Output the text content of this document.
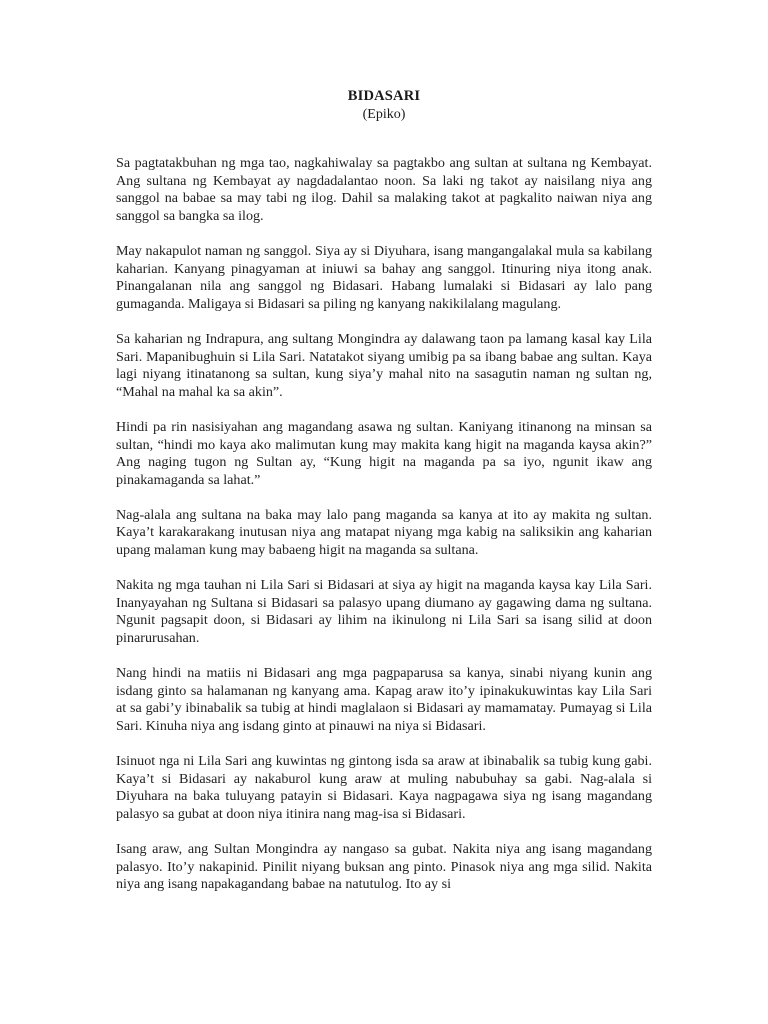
BIDASARI
(Epiko)

Sa pagtatakbuhan ng mga tao, nagkahiwalay sa pagtakbo ang sultan at sultana ng Kembayat. Ang sultana ng Kembayat ay nagdadalantao noon. Sa laki ng takot ay naisilang niya ang sanggol na babae sa may tabi ng ilog. Dahil sa malaking takot at pagkalito naiwan niya ang sanggol sa bangka sa ilog.

May nakapulot naman ng sanggol. Siya ay si Diyuhara, isang mangangalakal mula sa kabilang kaharian. Kanyang pinagyaman at iniuwi sa bahay ang sanggol. Itinuring niya itong anak. Pinangalanan nila ang sanggol ng Bidasari. Habang lumalaki si Bidasari ay lalo pang gumaganda. Maligaya si Bidasari sa piling ng kanyang nakikilalang magulang.

Sa kaharian ng Indrapura, ang sultang Mongindra ay dalawang taon pa lamang kasal kay Lila Sari. Mapanibughuin si Lila Sari. Natatakot siyang umibig pa sa ibang babae ang sultan. Kaya lagi niyang itinatanong sa sultan, kung siya’y mahal nito na sasagutin naman ng sultan ng, “Mahal na mahal ka sa akin”.

Hindi pa rin nasisiyahan ang magandang asawa ng sultan. Kaniyang itinanong na minsan sa sultan, “hindi mo kaya ako malimutan kung may makita kang higit na maganda kaysa akin?” Ang naging tugon ng Sultan ay, “Kung higit na maganda pa sa iyo, ngunit ikaw ang pinakamaganda sa lahat.”

Nag-alala ang sultana na baka may lalo pang maganda sa kanya at ito ay makita ng sultan. Kaya’t karakarakang inutusan niya ang matapat niyang mga kabig na saliksikin ang kaharian upang malaman kung may babaeng higit na maganda sa sultana.

Nakita ng mga tauhan ni Lila Sari si Bidasari at siya ay higit na maganda kaysa kay Lila Sari. Inanyayahan ng Sultana si Bidasari sa palasyo upang diumano ay gagawing dama ng sultana. Ngunit pagsapit doon, si Bidasari ay lihim na ikinulong ni Lila Sari sa isang silid at doon pinarurusahan.

Nang hindi na matiis ni Bidasari ang mga pagpaparusa sa kanya, sinabi niyang kunin ang isdang ginto sa halamanan ng kanyang ama. Kapag araw ito’y ipinakukuwintas kay Lila Sari at sa gabi’y ibinabalik sa tubig at hindi maglalaon si Bidasari ay mamamatay. Pumayag si Lila Sari. Kinuha niya ang isdang ginto at pinauwi na niya si Bidasari.

Isinuot nga ni Lila Sari ang kuwintas ng gintong isda sa araw at ibinabalik sa tubig kung gabi. Kaya’t si Bidasari ay nakaburol kung araw at muling nabubuhay sa gabi. Nag-alala si Diyuhara na baka tuluyang patayin si Bidasari. Kaya nagpagawa siya ng isang magandang palasyo sa gubat at doon niya itinira nang mag-isa si Bidasari.

Isang araw, ang Sultan Mongindra ay nangaso sa gubat. Nakita niya ang isang magandang palasyo. Ito’y nakapinid. Pinilit niyang buksan ang pinto. Pinasok niya ang mga silid. Nakita niya ang isang napakagandang babae na natutulog. Ito ay si
